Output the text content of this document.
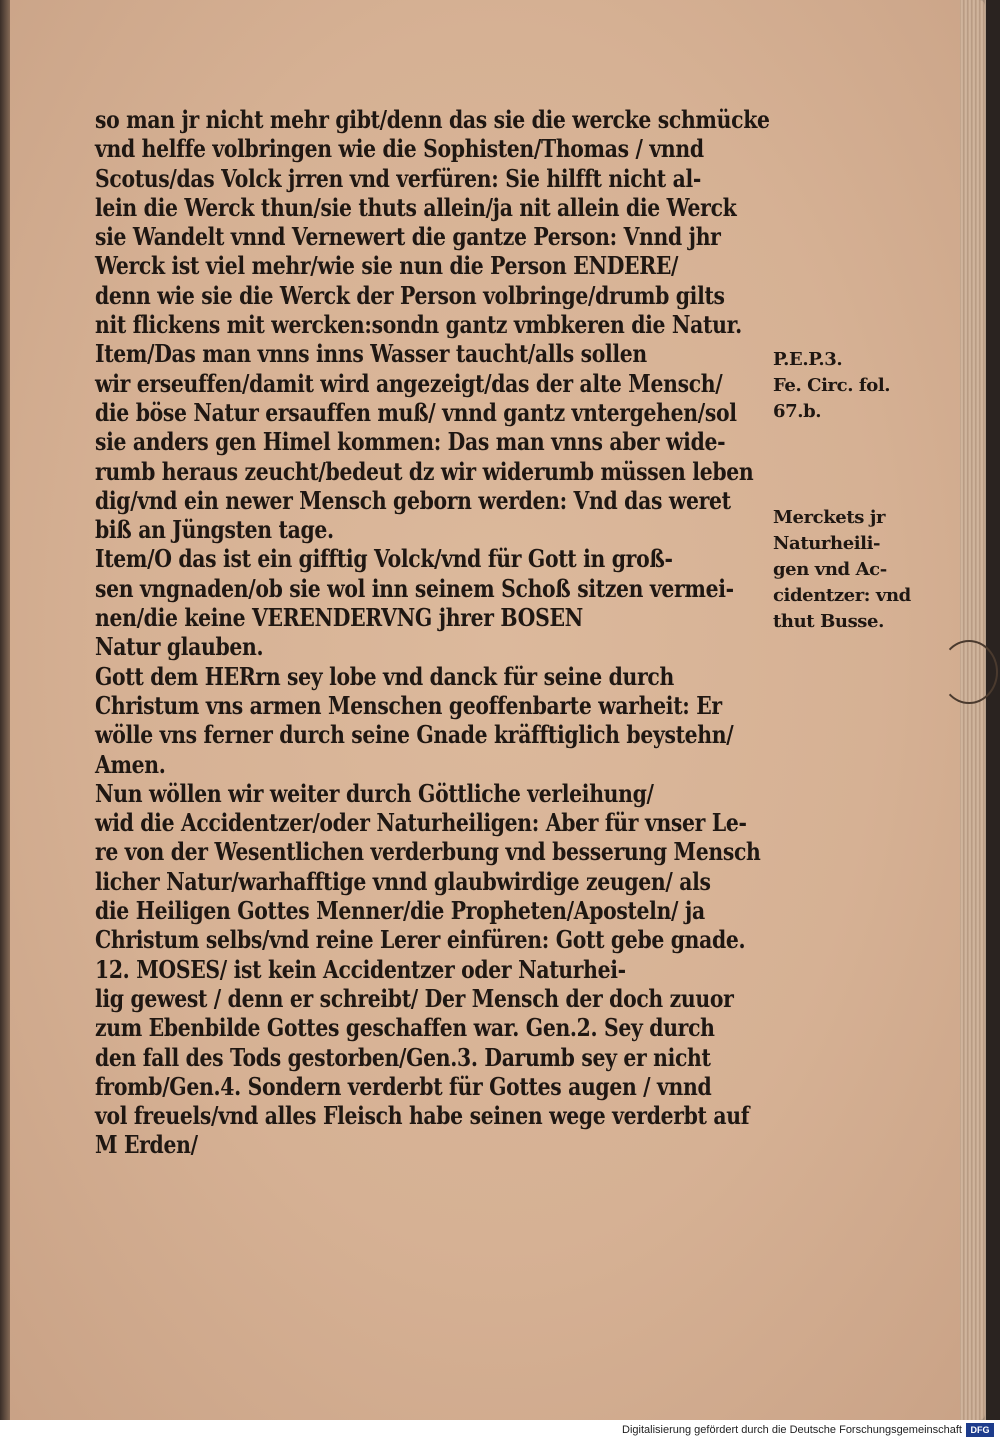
so man jr nicht mehr gibt/denn das sie die wercke schmücke
vnd helffe volbringen wie die Sophisten/Thomas / vnnd
Scotus/das Volck jrren vnd verfüren: Sie hilfft nicht al-
lein die Werck thun/sie thuts allein/ja nit allein die Werck
sie Wandelt vnnd Vernewert die gantze Person: Vnnd jhr
Werck ist viel mehr/wie sie nun die Person ENDERE/
denn wie sie die Werck der Person volbringe/drumb gilts
nit flickens mit wercken:sondn gantz vmbkeren die Natur.
Item/Das man vnns inns Wasser taucht/alls sollen
wir erseuffen/damit wird angezeigt/das der alte Mensch/
die böse Natur ersauffen muß/ vnnd gantz vntergehen/sol
sie anders gen Himel kommen: Das man vnns aber wide-
rumb heraus zeucht/bedeut dz wir widerumb müssen leben
dig/vnd ein newer Mensch geborn werden: Vnd das weret
biß an Jüngsten tage.
Item/O das ist ein gifftig Volck/vnd für Gott in groß-
sen vngnaden/ob sie wol inn seinem Schoß sitzen vermei-
nen/die keine VERENDERVNG jhrer BOSEN
Natur glauben.
Gott dem HERrn sey lobe vnd danck für seine durch
Christum vns armen Menschen geoffenbarte warheit: Er
wölle vns ferner durch seine Gnade kräfftiglich beystehn/
Amen.
Nun wöllen wir weiter durch Göttliche verleihung/
wid die Accidentzer/oder Naturheiligen: Aber für vnser Le-
re von der Wesentlichen verderbung vnd besserung Mensch
licher Natur/warhafftige vnnd glaubwirdige zeugen/ als
die Heiligen Gottes Menner/die Propheten/Aposteln/ ja
Christum selbs/vnd reine Lerer einfüren: Gott gebe gnade.
12. MOSES/ ist kein Accidentzer oder Naturhei-
lig gewest / denn er schreibt/ Der Mensch der doch zuuor
zum Ebenbilde Gottes geschaffen war. Gen.2. Sey durch
den fall des Tods gestorben/Gen.3. Darumb sey er nicht
fromb/Gen.4. Sondern verderbt für Gottes augen / vnnd
vol freuels/vnd alles Fleisch habe seinen wege verderbt auf
M Erden/
P.E.P.3.
Fe. Circ. fol.
67.b.
Merckets jr
Naturheili-
gen vnd Ac-
cidentzer: vnd
thut Busse.
Digitalisierung gefördert durch die Deutsche Forschungsgemeinschaft DFG
